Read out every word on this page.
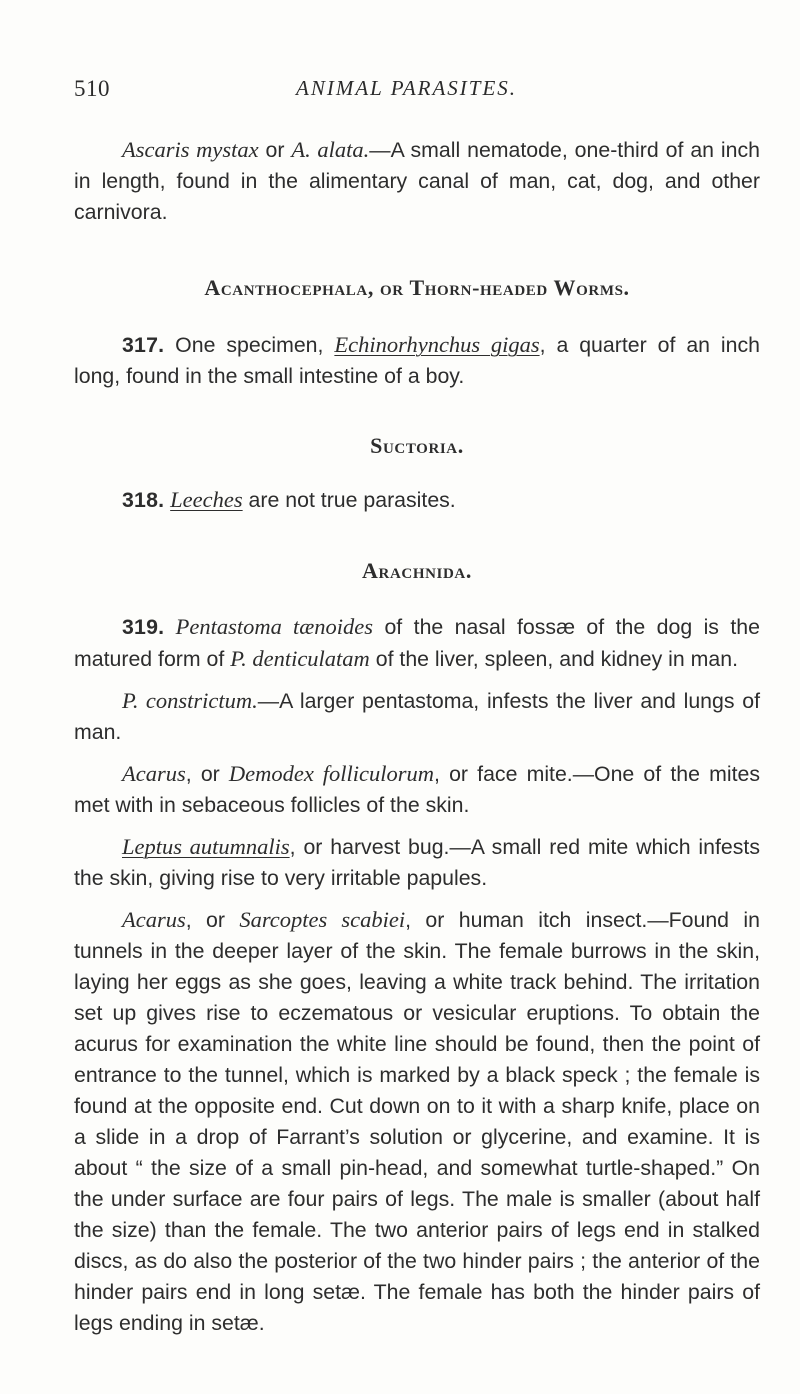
510	ANIMAL PARASITES.

Ascaris mystax or A. alata.—A small nematode, one-third of an inch in length, found in the alimentary canal of man, cat, dog, and other carnivora.

Acanthocephala, or Thorn-headed Worms.

317. One specimen, Echinorhynchus gigas, a quarter of an inch long, found in the small intestine of a boy.

Suctoria.

318. Leeches are not true parasites.

Arachnida.

319. Pentastoma tænoides of the nasal fossæ of the dog is the matured form of P. denticulatam of the liver, spleen, and kidney in man.

P. constrictum.—A larger pentastoma, infests the liver and lungs of man.

Acarus, or Demodex folliculorum, or face mite.—One of the mites met with in sebaceous follicles of the skin.

Leptus autumnalis, or harvest bug.—A small red mite which infests the skin, giving rise to very irritable papules.

Acarus, or Sarcoptes scabiei, or human itch insect.—Found in tunnels in the deeper layer of the skin. The female burrows in the skin, laying her eggs as she goes, leaving a white track behind. The irritation set up gives rise to eczematous or vesicular eruptions. To obtain the acurus for examination the white line should be found, then the point of entrance to the tunnel, which is marked by a black speck ; the female is found at the opposite end. Cut down on to it with a sharp knife, place on a slide in a drop of Farrant’s solution or glycerine, and examine. It is about “ the size of a small pin-head, and somewhat turtle-shaped.” On the under surface are four pairs of legs. The male is smaller (about half the size) than the female. The two anterior pairs of legs end in stalked discs, as do also the posterior of the two hinder pairs ; the anterior of the hinder pairs end in long setæ. The female has both the hinder pairs of legs ending in setæ.
